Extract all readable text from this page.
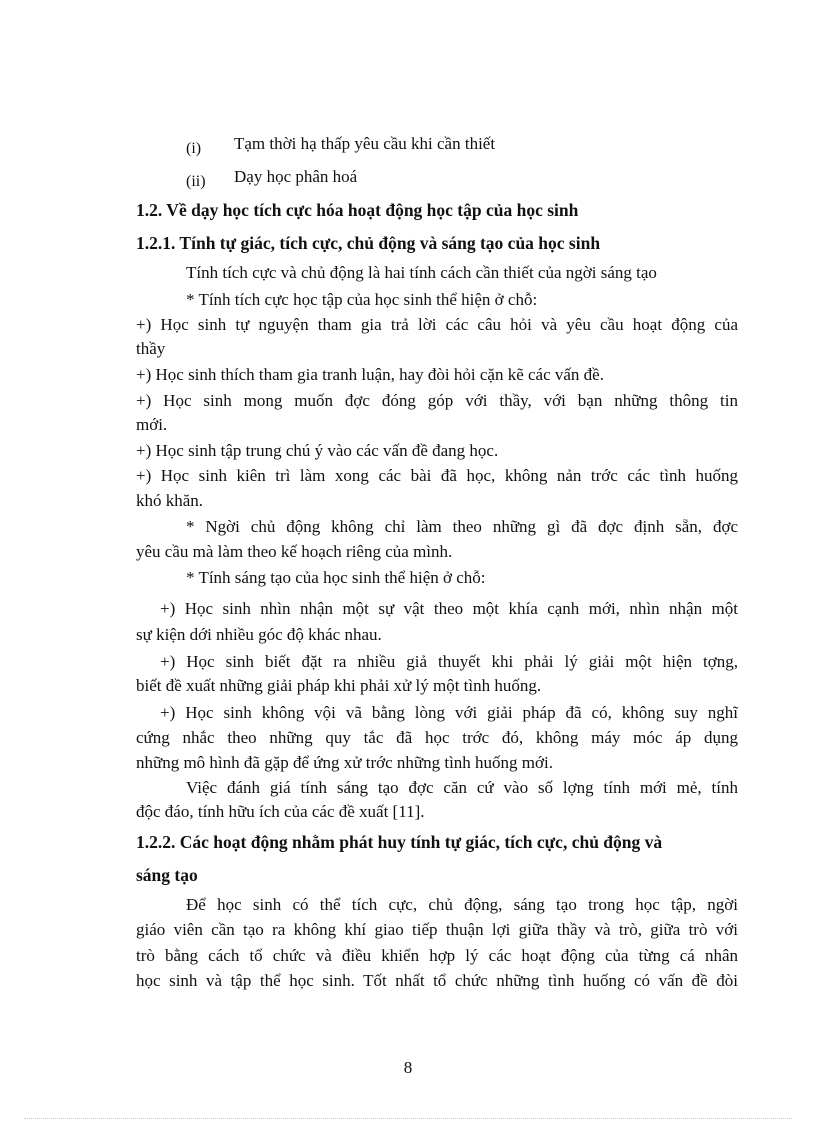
(i) Tạm thời hạ thấp yêu cầu khi cần thiết
(ii) Dạy học phân hoá
1.2. Về dạy học tích cực hóa hoạt động học tập của học sinh
1.2.1. Tính tự giác, tích cực, chủ động và sáng tạo của học sinh
Tính tích cực và chủ động là hai tính cách cần thiết của ngời sáng tạo
* Tính tích cực học tập của học sinh thể hiện ở chỗ:
+) Học sinh tự nguyện tham gia trả lời các câu hỏi và yêu cầu hoạt động của
thầy
+) Học sinh thích tham gia tranh luận, hay đòi hỏi cặn kẽ các vấn đề.
+) Học sinh mong muốn đợc đóng góp với thầy, với bạn những thông tin
mới.
+) Học sinh tập trung chú ý vào các vấn đề đang học.
+) Học sinh kiên trì làm xong các bài đã học, không nản trớc các tình huống
khó khăn.
* Ngời chủ động không chỉ làm theo những gì đã đợc định sẵn, đợc
yêu cầu mà làm theo kế hoạch riêng của mình.
* Tính sáng tạo của học sinh thể hiện ở chỗ:
+) Học sinh nhìn nhận một sự vật theo một khía cạnh mới, nhìn nhận một
sự kiện dới nhiều góc độ khác nhau.
+) Học sinh biết đặt ra nhiều giả thuyết khi phải lý giải một hiện tợng,
biết đề xuất những giải pháp khi phải xử lý một tình huống.
+) Học sinh không vội vã bằng lòng với giải pháp đã có, không suy nghĩ
cứng nhắc theo những quy tắc đã học trớc đó, không máy móc áp dụng
những mô hình đã gặp để ứng xử trớc những tình huống mới.
Việc đánh giá tính sáng tạo đợc căn cứ vào số lợng tính mới mẻ, tính
độc đáo, tính hữu ích của các đề xuất [11].
1.2.2. Các hoạt động nhằm phát huy tính tự giác, tích cực, chủ động và
sáng tạo
Để học sinh có thể tích cực, chủ động, sáng tạo trong học tập, ngời
giáo viên cần tạo ra không khí giao tiếp thuận lợi giữa thầy và trò, giữa trò với
trò bằng cách tổ chức và điều khiển hợp lý các hoạt động của từng cá nhân
học sinh và tập thể học sinh. Tốt nhất tổ chức những tình huống có vấn đề đòi
8
